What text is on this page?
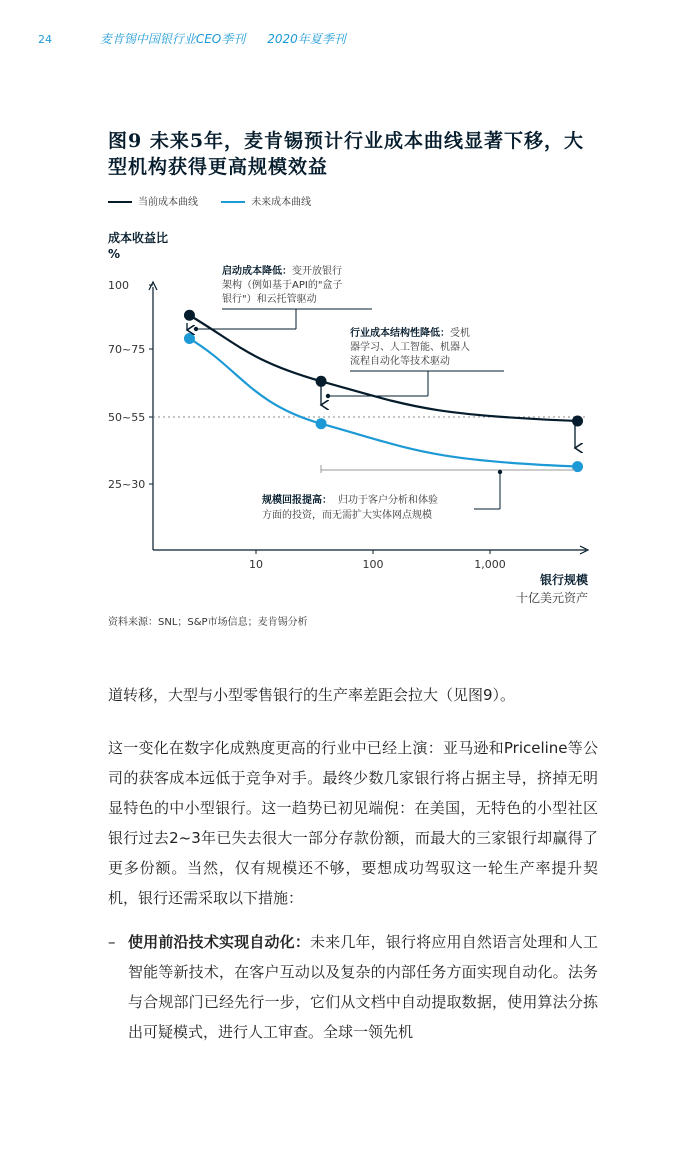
24	麦肯锡中国银行业CEO季刊 2020年夏季刊
图9 未来5年，麦肯锡预计行业成本曲线显著下移，大型机构获得更高规模效益
当前成本曲线	未来成本曲线
成本收益比
%
100
70~75
50~55
25~30
10	100	1,000
启动成本降低：变开放银行
架构（例如基于API的"盒子
银行"）和云托管驱动
行业成本结构性降低：受机
器学习、人工智能、机器人
流程自动化等技术驱动
规模回报提高： 归功于客户分析和体验
方面的投资，而无需扩大实体网点规模
银行规模
十亿美元资产
资料来源：SNL；S&P市场信息；麦肯锡分析
道转移，大型与小型零售银行的生产率差距会拉大（见图9）。
这一变化在数字化成熟度更高的行业中已经上演：亚马逊和Priceline等公司的获客成本远低于竞争对手。最终少数几家银行将占据主导，挤掉无明显特色的中小型银行。这一趋势已初见端倪：在美国，无特色的小型社区银行过去2~3年已失去很大一部分存款份额，而最大的三家银行却赢得了更多份额。当然，仅有规模还不够，要想成功驾驭这一轮生产率提升契机，银行还需采取以下措施：
– 使用前沿技术实现自动化：未来几年，银行将应用自然语言处理和人工智能等新技术，在客户互动以及复杂的内部任务方面实现自动化。法务与合规部门已经先行一步，它们从文档中自动提取数据，使用算法分拣出可疑模式，进行人工审查。全球一领先机
